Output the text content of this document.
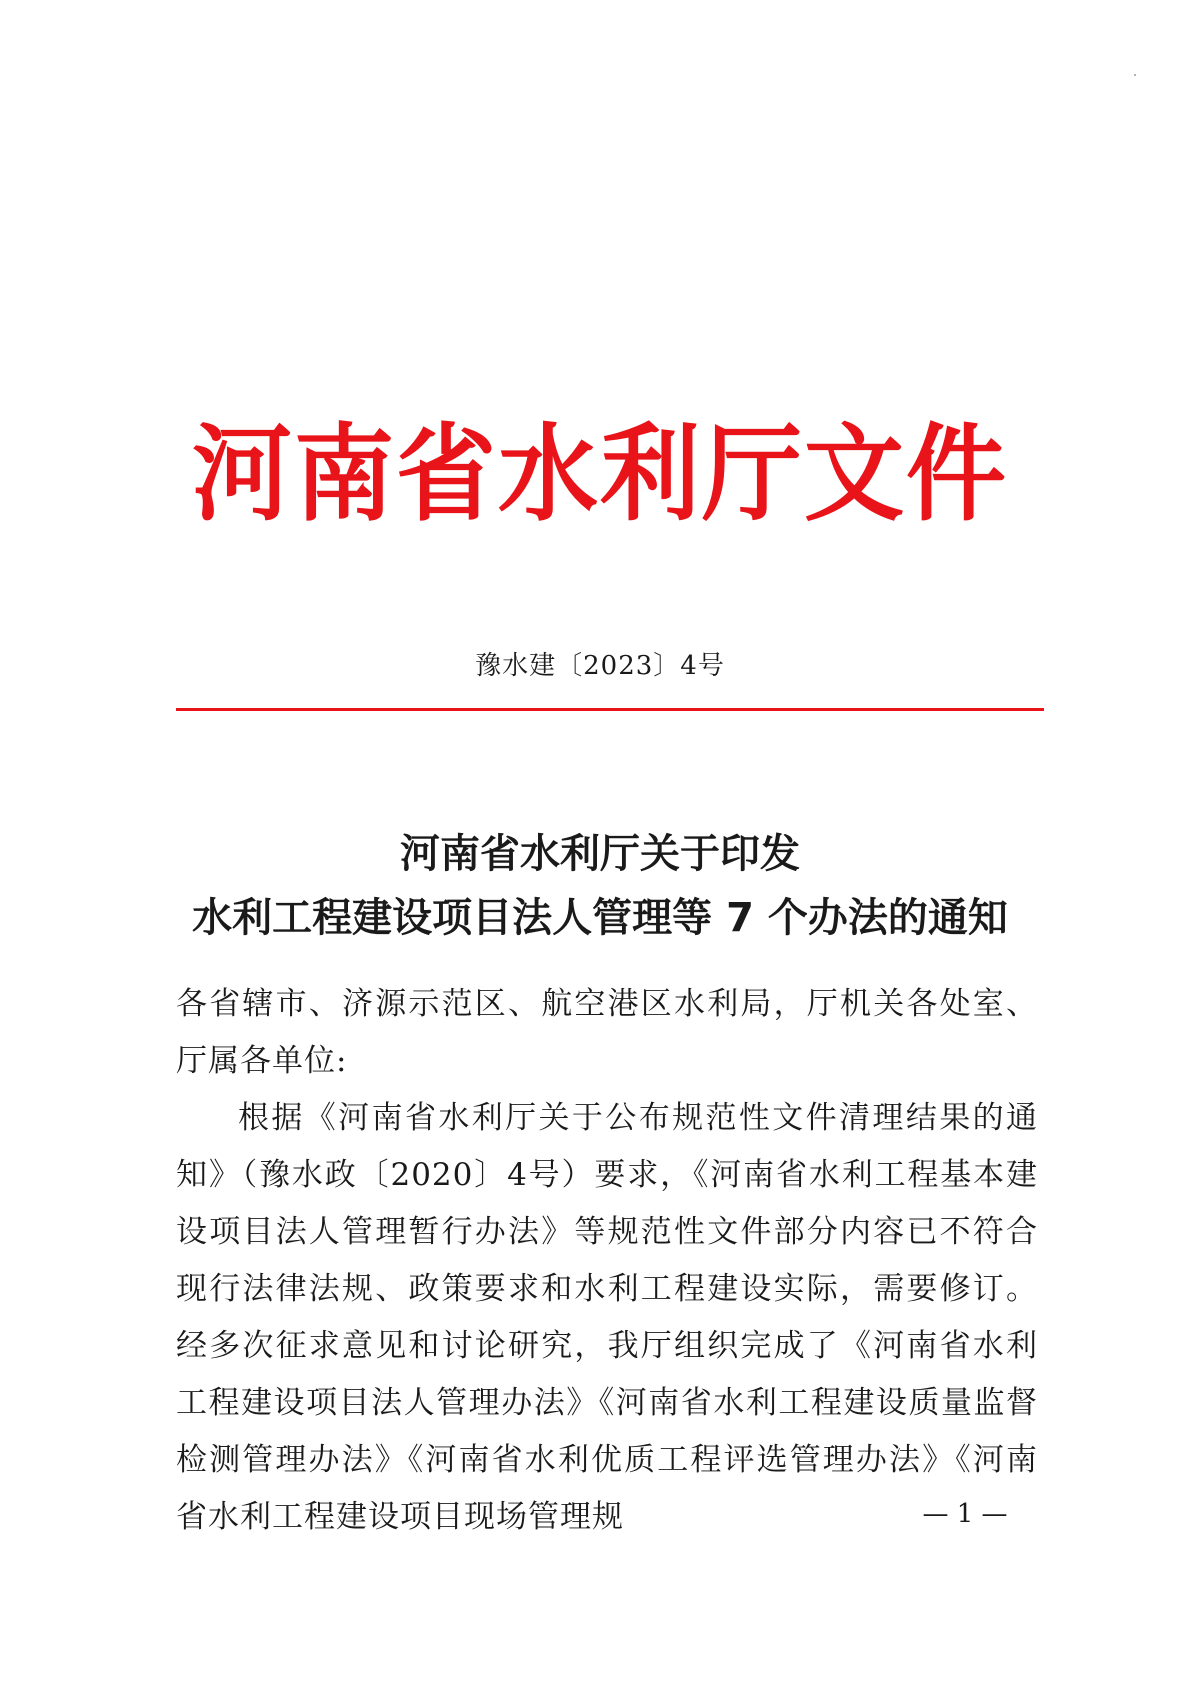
河南省水利厅文件
豫水建〔2023〕4号
河南省水利厅关于印发
水利工程建设项目法人管理等 7 个办法的通知

各省辖市、济源示范区、航空港区水利局，厅机关各处室、厅属各单位:

根据《河南省水利厅关于公布规范性文件清理结果的通知》（豫水政〔2020〕4号）要求，《河南省水利工程基本建设项目法人管理暂行办法》等规范性文件部分内容已不符合现行法律法规、政策要求和水利工程建设实际，需要修订。经多次征求意见和讨论研究，我厅组织完成了《河南省水利工程建设项目法人管理办法》《河南省水利工程建设质量监督检测管理办法》《河南省水利优质工程评选管理办法》《河南省水利工程建设项目现场管理规	— 1 —
